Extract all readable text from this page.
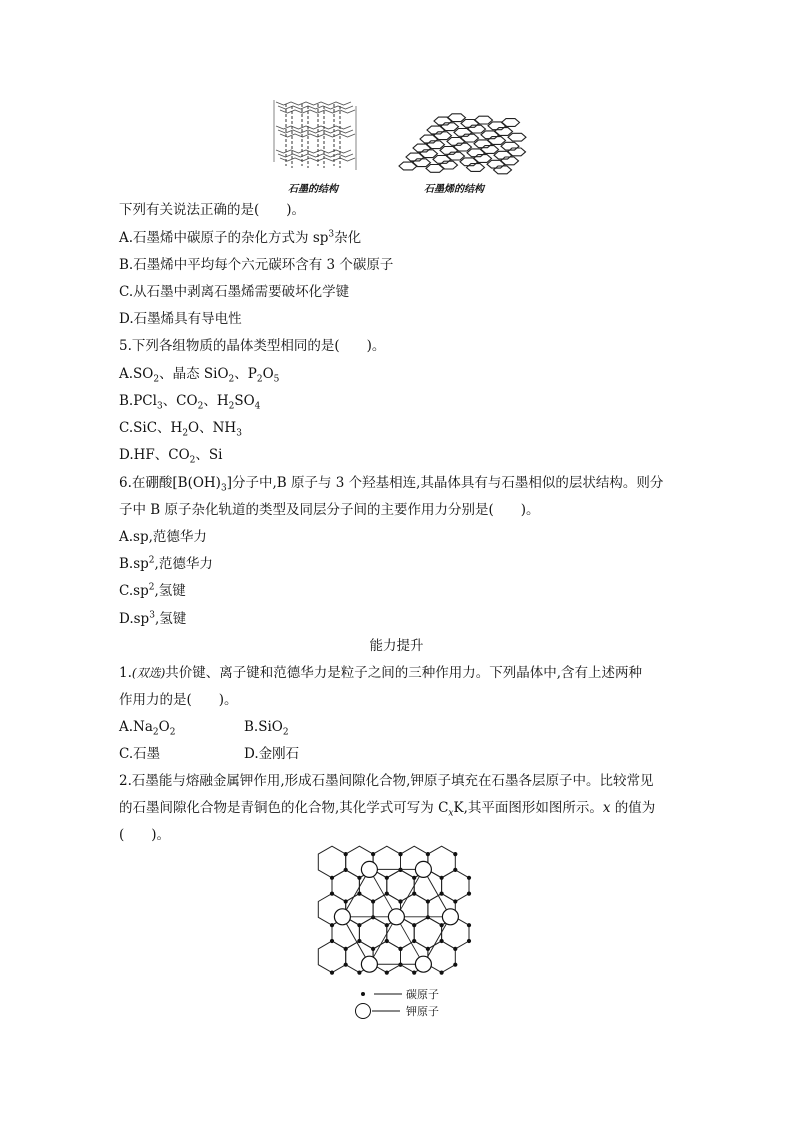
石墨的结构	石墨烯的结构
下列有关说法正确的是(　　)。
A.石墨烯中碳原子的杂化方式为 $sp^3$杂化
B.石墨烯中平均每个六元碳环含有 3 个碳原子
C.从石墨中剥离石墨烯需要破坏化学键
D.石墨烯具有导电性
5.下列各组物质的晶体类型相同的是(　　)。
$A.SO_2$、晶态 SiO$_2$、$P_2O_5$
B.PCl$_3$、$CO_2$、$H_2SO_4$
C.SiC、$H_2O$、$NH_3$
D.HF、$CO_2$、Si
6.在硼酸$[B(OH)_3]$分子中,B 原子与 3 个羟基相连,其晶体具有与石墨相似的层状结构。则分
子中 B 原子杂化轨道的类型及同层分子间的主要作用力分别是(　　)。
A.sp,范德华力
$B.sp^2$,范德华力
$C.sp^2$,氢键
$D.sp^3$,氢键
能力提升
1.(双选)共价键、离子键和范德华力是粒子之间的三种作用力。下列晶体中,含有上述两种
作用力的是(　　)。
$A.Na_2O_2$	B.SiO$_2$
C.石墨	D.金刚石
2.石墨能与熔融金属钾作用,形成石墨间隙化合物,钾原子填充在石墨各层原子中。比较常见
的石墨间隙化合物是青铜色的化合物,其化学式可写为 $C_xK$,其平面图形如图所示。x 的值为
(　　)。
碳原子
钾原子
